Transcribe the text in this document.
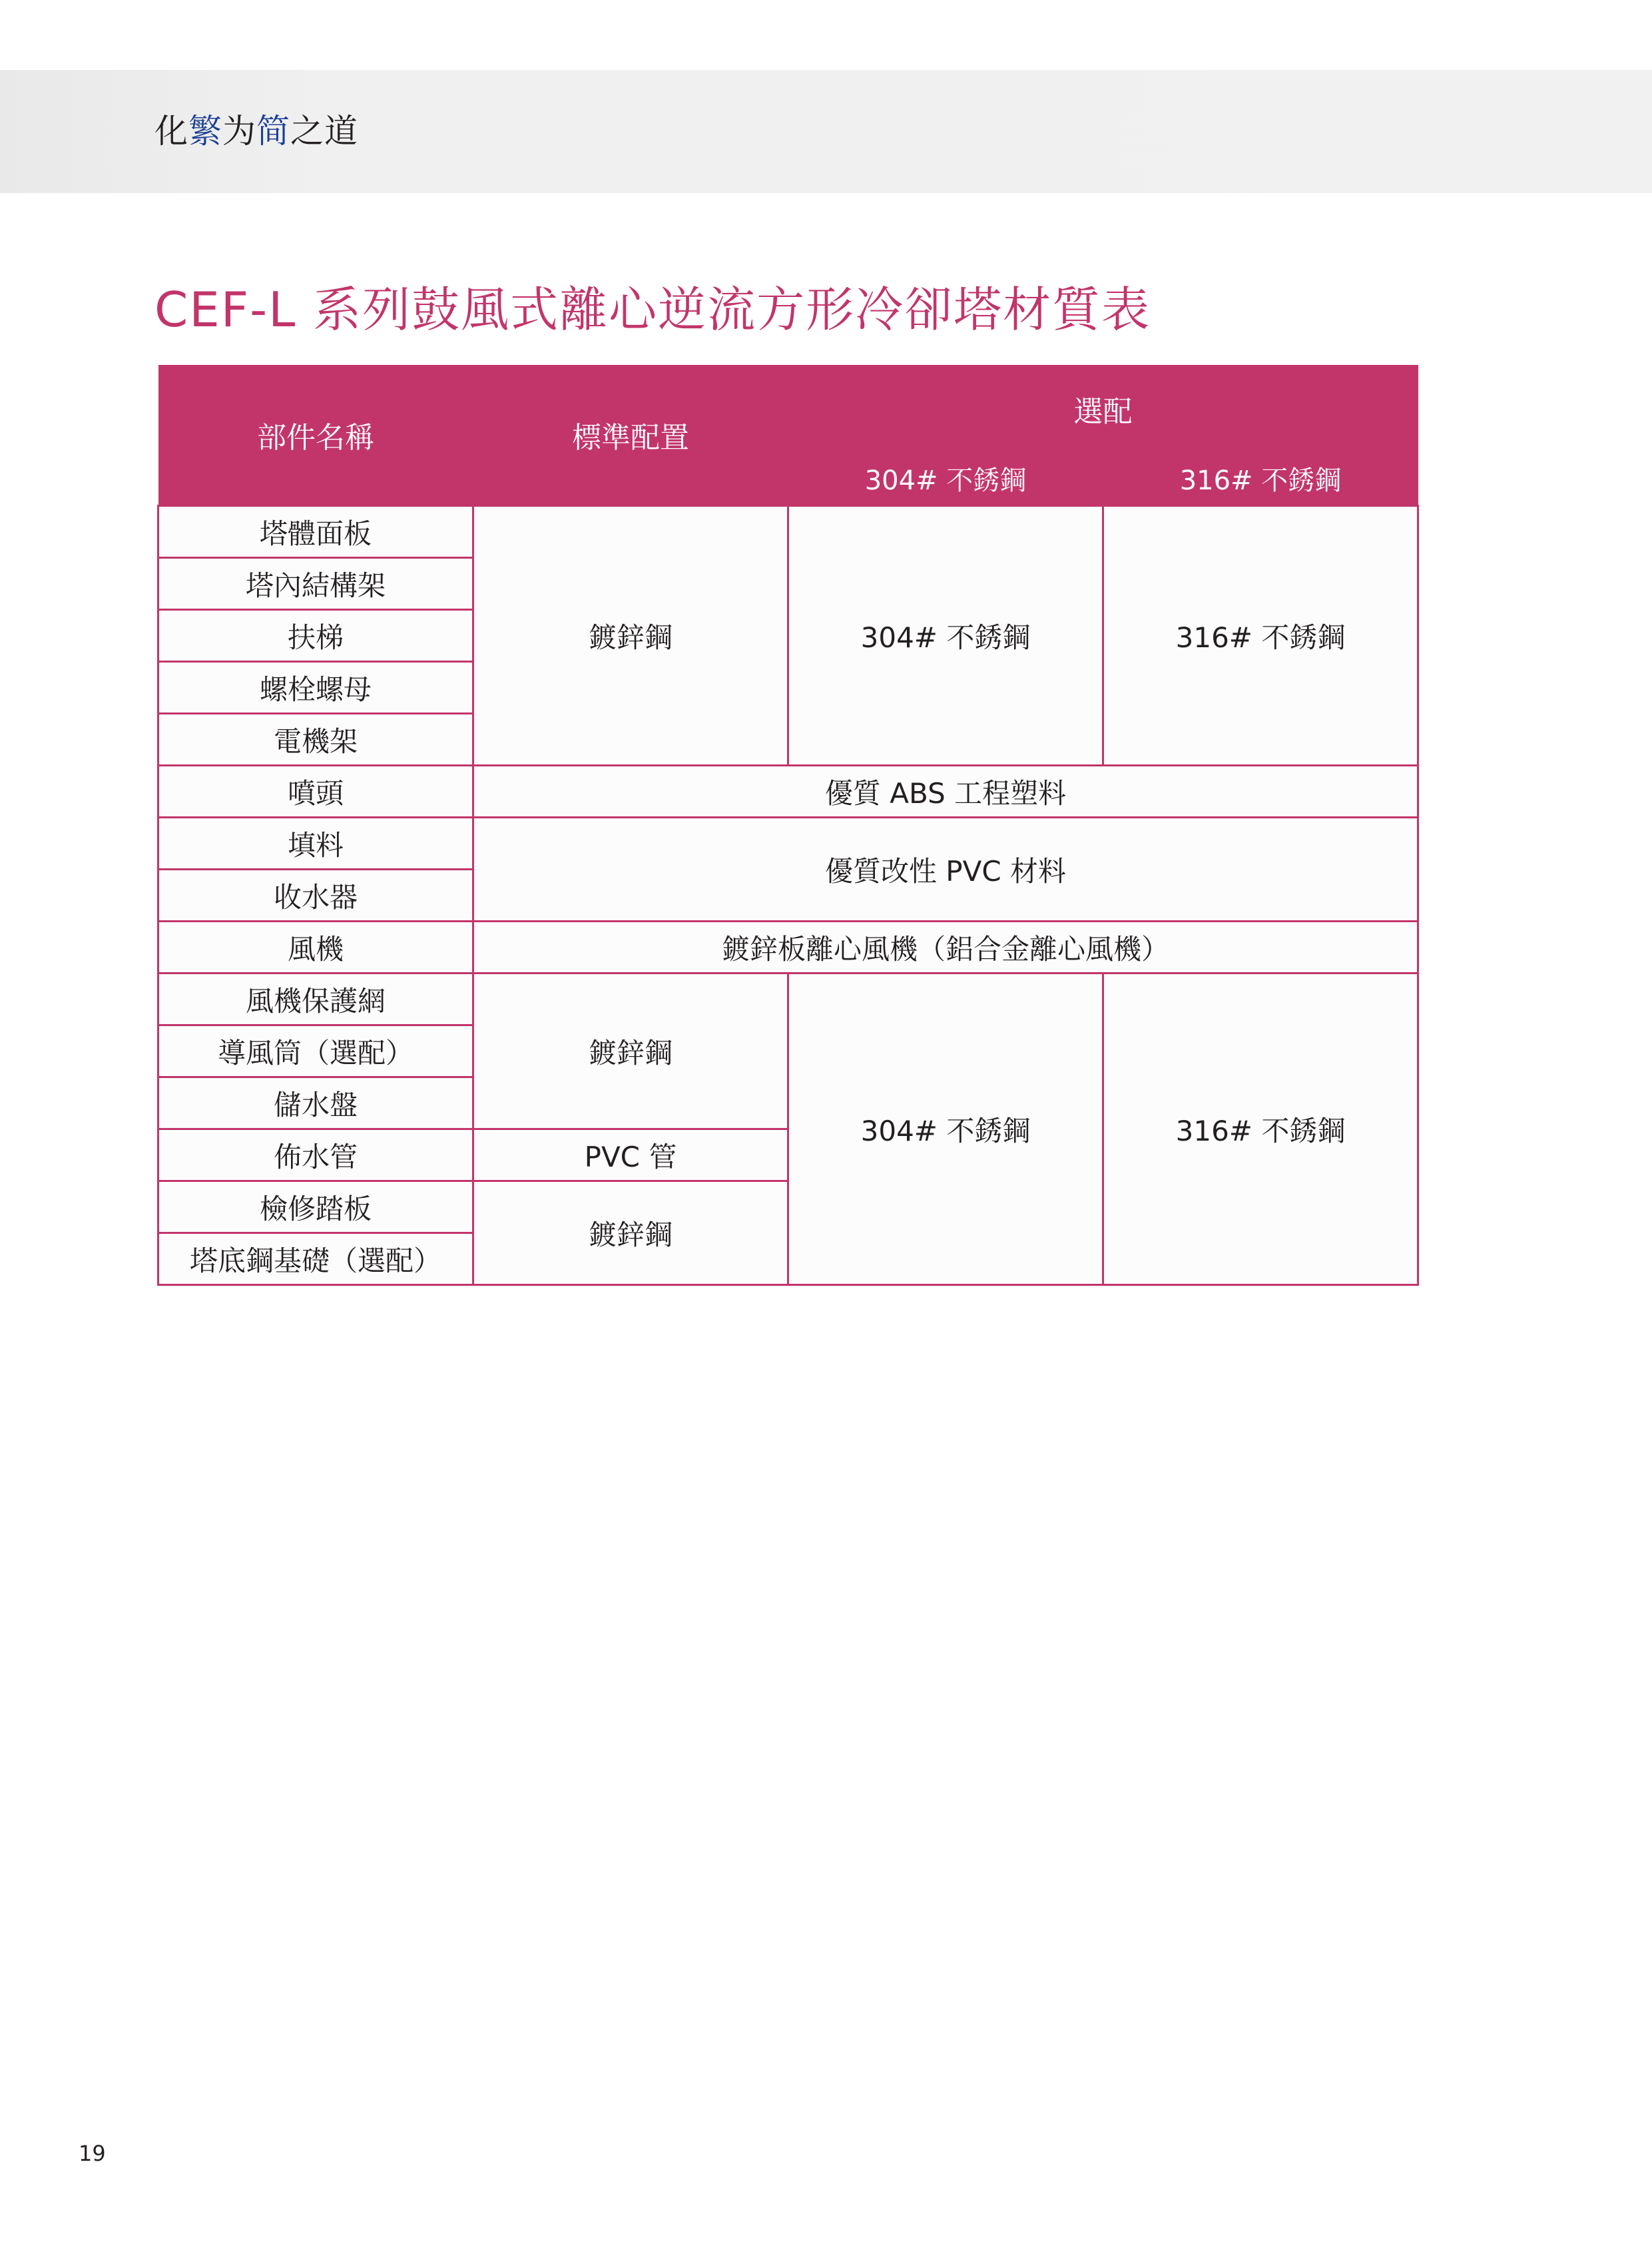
化繁为简之道
CEF-L 系列鼓風式離心逆流方形冷卻塔材質表
部件名稱	標準配置	選配	
		304# 不銹鋼	316# 不銹鋼
塔體面板	鍍鋅鋼	304# 不銹鋼	316# 不銹鋼
塔內結構架			
扶梯			
螺栓螺母			
電機架			
噴頭	優質 ABS 工程塑料		
填料	優質改性 PVC 材料		
收水器			
風機	鍍鋅板離心風機（鋁合金離心風機）		
風機保護網	鍍鋅鋼	304# 不銹鋼	316# 不銹鋼
導風筒（選配）			
儲水盤			
佈水管	PVC 管		
檢修踏板	鍍鋅鋼		
塔底鋼基礎（選配）			
19
